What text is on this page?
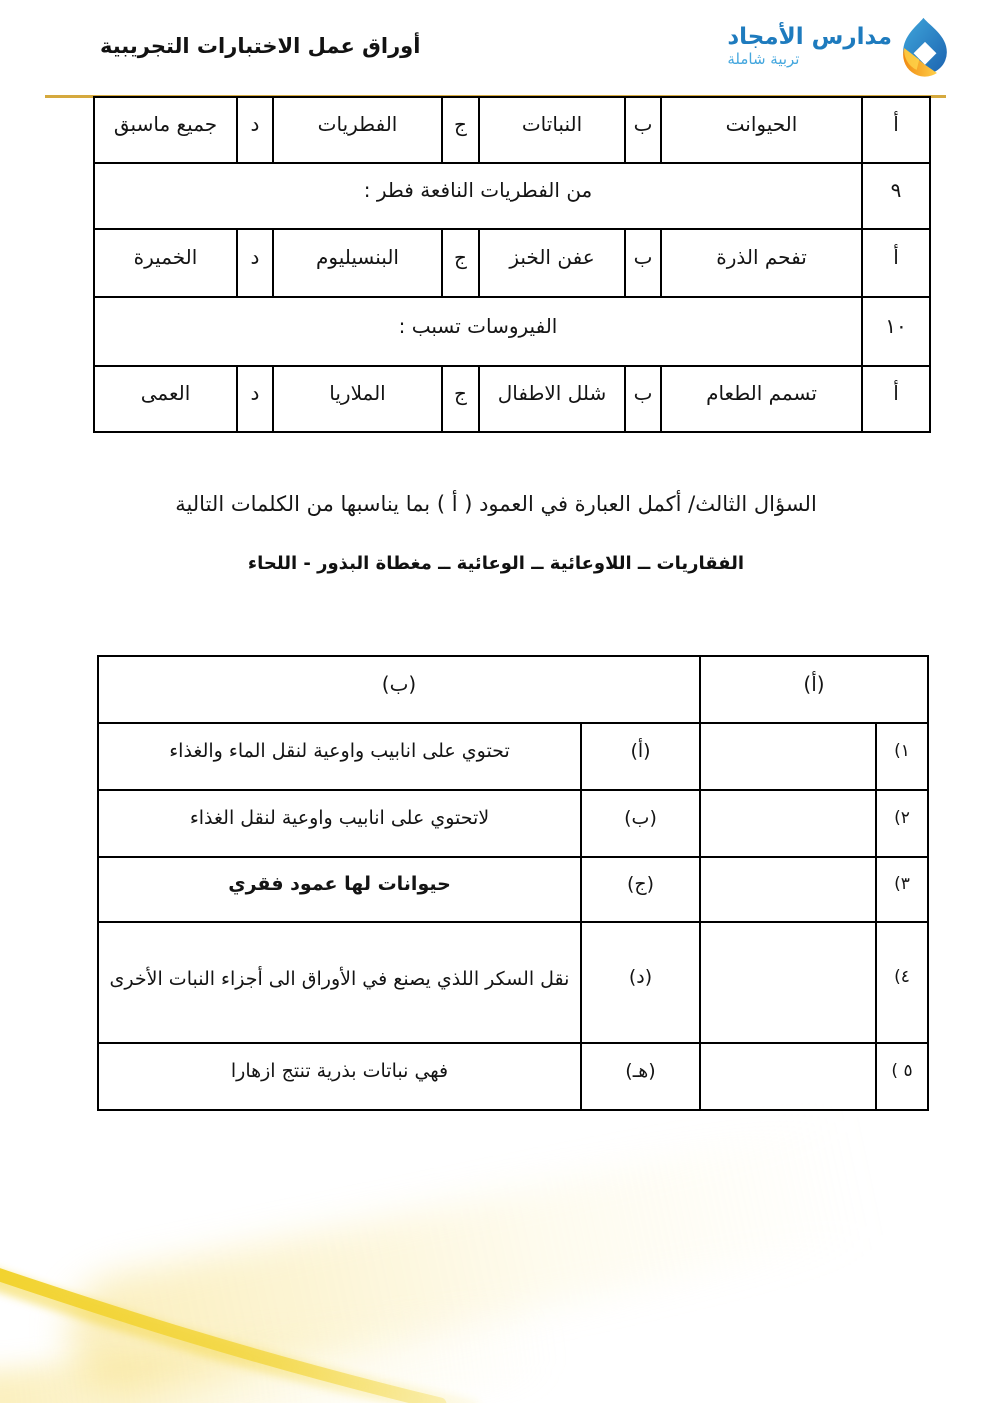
أوراق عمل الاختبارات التجريبية	مدارس الأمجاد
تربية شاملة
أ	الحيوانت	ب	النباتات	ج	الفطريات	د	جميع ماسبق
٩	من الفطريات النافعة فطر :						
أ	تفحم الذرة	ب	عفن الخبز	ج	البنسيليوم	د	الخميرة
١٠	الفيروسات تسبب :						
أ	تسمم الطعام	ب	شلل الاطفال	ج	الملاريا	د	العمى
السؤال الثالث/ أكمل العبارة في العمود ( أ ) بما يناسبها من الكلمات التالية
الفقاريات ــ اللاوعائية ــ الوعائية ــ مغطاة البذور - اللحاء
(أ)		(ب)	
١)		(أ)	تحتوي على انابيب واوعية لنقل الماء والغذاء
٢)		(ب)	لاتحتوي على انابيب واوعية لنقل الغذاء
٣)		(ج)	حيوانات لها عمود فقري
٤)		(د)	نقل السكر اللذي يصنع في الأوراق الى أجزاء النبات الأخرى
٥ )		(هـ)	فهي نباتات بذرية تنتج ازهارا
